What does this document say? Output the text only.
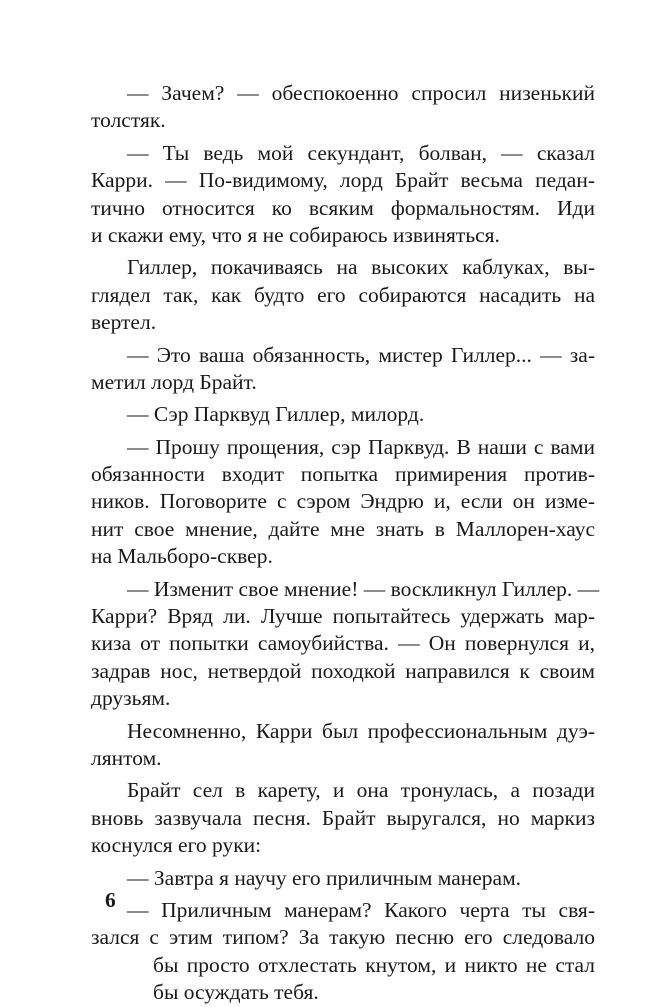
— Зачем? — обеспокоенно спросил низенький
толстяк.
— Ты ведь мой секундант, болван, — сказал
Карри. — По-видимому, лорд Брайт весьма педан-
тично относится ко всяким формальностям. Иди
и скажи ему, что я не собираюсь извиняться.
Гиллер, покачиваясь на высоких каблуках, вы-
глядел так, как будто его собираются насадить на
вертел.
— Это ваша обязанность, мистер Гиллер... — за-
метил лорд Брайт.
— Сэр Парквуд Гиллер, милорд.
— Прошу прощения, сэр Парквуд. В наши с вами
обязанности входит попытка примирения против-
ников. Поговорите с сэром Эндрю и, если он изме-
нит свое мнение, дайте мне знать в Маллорен-хаус
на Мальборо-сквер.
— Изменит свое мнение! — воскликнул Гиллер. —
Карри? Вряд ли. Лучше попытайтесь удержать мар-
киза от попытки самоубийства. — Он повернулся и,
задрав нос, нетвердой походкой направился к своим
друзьям.
Несомненно, Карри был профессиональным дуэ-
лянтом.
Брайт сел в карету, и она тронулась, а позади
вновь зазвучала песня. Брайт выругался, но маркиз
коснулся его руки:
— Завтра я научу его приличным манерам.
— Приличным манерам? Какого черта ты свя-
зался с этим типом? За такую песню его следовало
бы просто отхлестать кнутом, и никто не стал
бы осуждать тебя.
6
